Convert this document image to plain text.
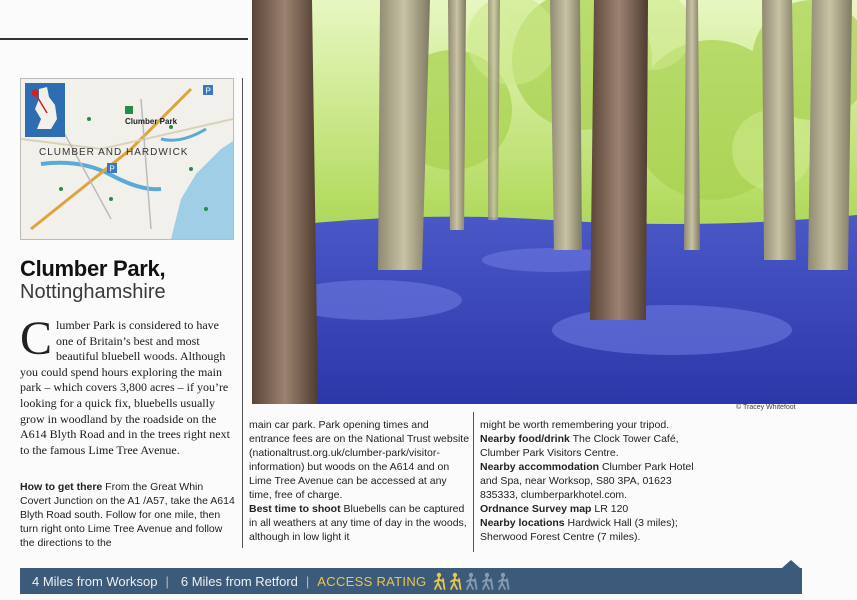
P
P
Clumber Park
CLUMBER AND HARDWICK
Clumber Park,
Nottinghamshire
Clumber Park is considered to have one of Britain’s best and most beautiful bluebell woods. Although you could spend hours exploring the main park – which covers 3,800 acres – if you’re looking for a quick fix, bluebells usually grow in woodland by the roadside on the A614 Blyth Road and in the trees right next to the famous Lime Tree Avenue.
How to get there From the Great Whin Covert Junction on the A1 /A57, take the A614 Blyth Road south. Follow for one mile, then turn right onto Lime Tree Avenue and follow the directions to the
main car park. Park opening times and entrance fees are on the National Trust website (nationaltrust.org.uk/clumber-park/visitor-information) but woods on the A614 and on Lime Tree Avenue can be accessed at any time, free of charge.
Best time to shoot Bluebells can be captured in all weathers at any time of day in the woods, although in low light it
might be worth remembering your tripod.
Nearby food/drink The Clock Tower Café, Clumber Park Visitors Centre.
Nearby accommodation Clumber Park Hotel and Spa, near Worksop, S80 3PA, 01623 835333, clumberparkhotel.com.
Ordnance Survey map LR 120
Nearby locations Hardwick Hall (3 miles); Sherwood Forest Centre (7 miles).
© Tracey Whitefoot
4 Miles from Worksop | 6 Miles from Retford | ACCESS RATING
